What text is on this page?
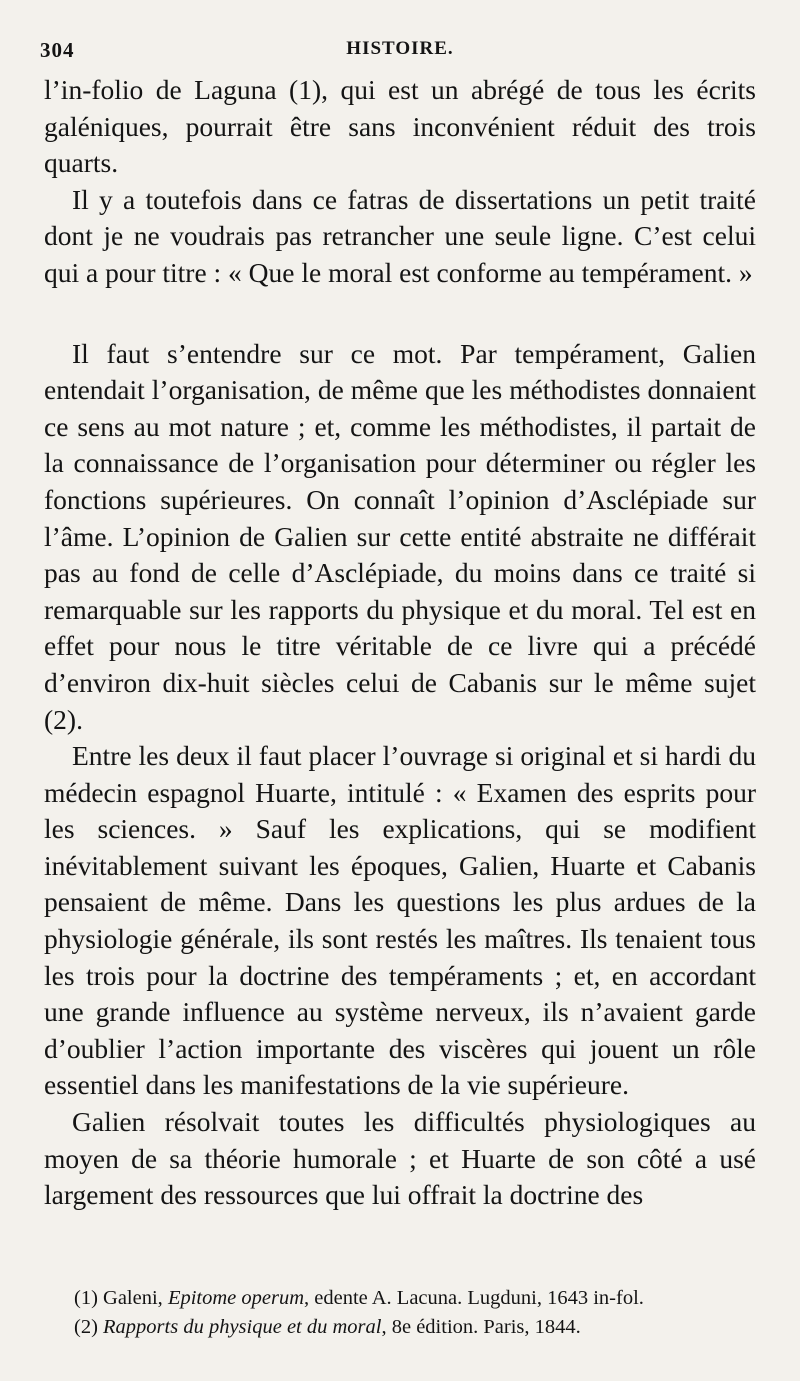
304	HISTOIRE.

l’in-folio de Laguna (1), qui est un abrégé de tous les écrits galéniques, pourrait être sans inconvénient réduit des trois quarts.

Il y a toutefois dans ce fatras de dissertations un petit traité dont je ne voudrais pas retrancher une seule ligne. C’est celui qui a pour titre : « Que le moral est conforme au tempérament. »

Il faut s’entendre sur ce mot. Par tempérament, Galien entendait l’organisation, de même que les méthodistes donnaient ce sens au mot nature ; et, comme les méthodistes, il partait de la connaissance de l’organisation pour déterminer ou régler les fonctions supérieures. On connaît l’opinion d’Asclépiade sur l’âme. L’opinion de Galien sur cette entité abstraite ne différait pas au fond de celle d’Asclépiade, du moins dans ce traité si remarquable sur les rapports du physique et du moral. Tel est en effet pour nous le titre véritable de ce livre qui a précédé d’environ dix-huit siècles celui de Cabanis sur le même sujet (2).

Entre les deux il faut placer l’ouvrage si original et si hardi du médecin espagnol Huarte, intitulé : « Examen des esprits pour les sciences. » Sauf les explications, qui se modifient inévitablement suivant les époques, Galien, Huarte et Cabanis pensaient de même. Dans les questions les plus ardues de la physiologie générale, ils sont restés les maîtres. Ils tenaient tous les trois pour la doctrine des tempéraments ; et, en accordant une grande influence au système nerveux, ils n’avaient garde d’oublier l’action importante des viscères qui jouent un rôle essentiel dans les manifestations de la vie supérieure.

Galien résolvait toutes les difficultés physiologiques au moyen de sa théorie humorale ; et Huarte de son côté a usé largement des ressources que lui offrait la doctrine des

(1) Galeni, Epitome operum, edente A. Lacuna. Lugduni, 1643 in-fol.

(2) Rapports du physique et du moral, 8e édition. Paris, 1844.
